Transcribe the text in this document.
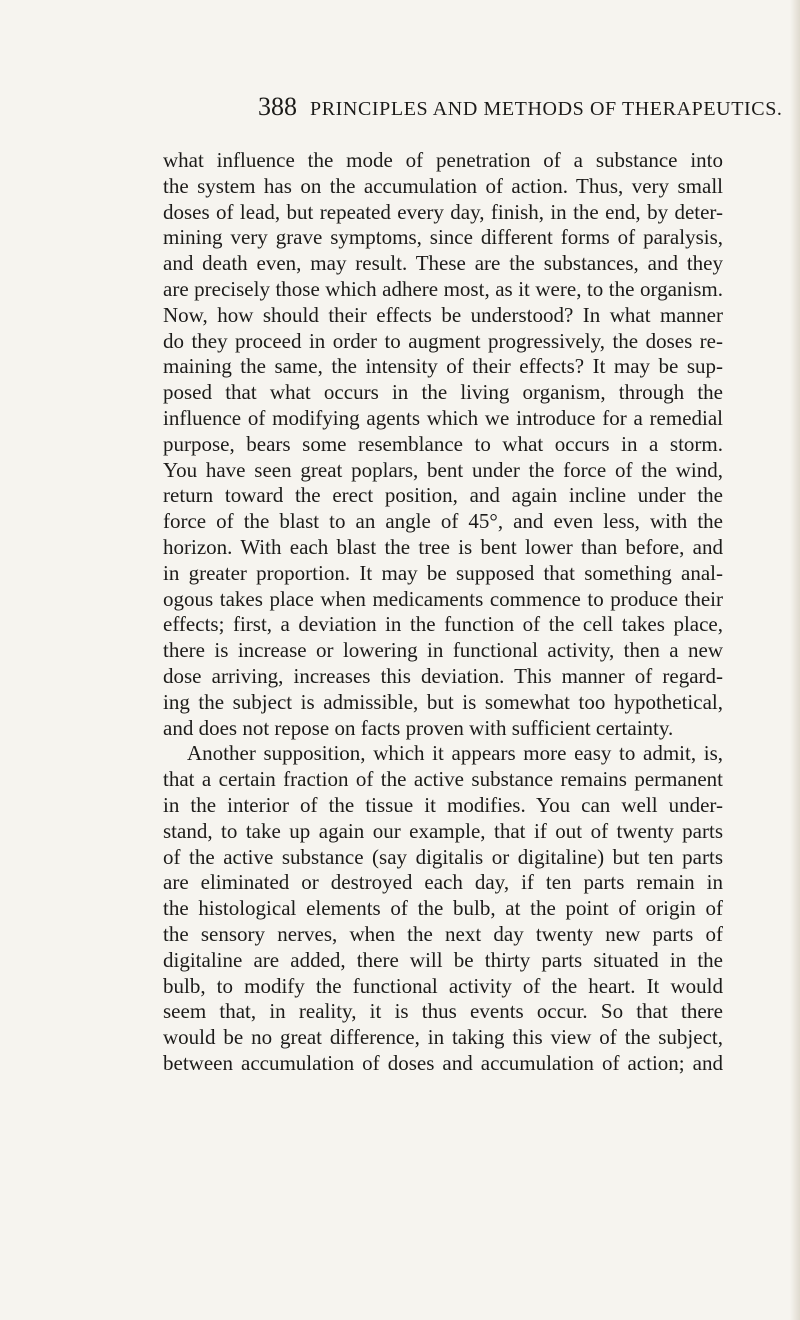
388 PRINCIPLES AND METHODS OF THERAPEUTICS.
what influence the mode of penetration of a substance into
the system has on the accumulation of action. Thus, very small
doses of lead, but repeated every day, finish, in the end, by deter-
mining very grave symptoms, since different forms of paralysis,
and death even, may result. These are the substances, and they
are precisely those which adhere most, as it were, to the organism.
Now, how should their effects be understood? In what manner
do they proceed in order to augment progressively, the doses re-
maining the same, the intensity of their effects? It may be sup-
posed that what occurs in the living organism, through the
influence of modifying agents which we introduce for a remedial
purpose, bears some resemblance to what occurs in a storm.
You have seen great poplars, bent under the force of the wind,
return toward the erect position, and again incline under the
force of the blast to an angle of 45°, and even less, with the
horizon. With each blast the tree is bent lower than before, and
in greater proportion. It may be supposed that something anal-
ogous takes place when medicaments commence to produce their
effects; first, a deviation in the function of the cell takes place,
there is increase or lowering in functional activity, then a new
dose arriving, increases this deviation. This manner of regard-
ing the subject is admissible, but is somewhat too hypothetical,
and does not repose on facts proven with sufficient certainty.
Another supposition, which it appears more easy to admit, is,
that a certain fraction of the active substance remains permanent
in the interior of the tissue it modifies. You can well under-
stand, to take up again our example, that if out of twenty parts
of the active substance (say digitalis or digitaline) but ten parts
are eliminated or destroyed each day, if ten parts remain in
the histological elements of the bulb, at the point of origin of
the sensory nerves, when the next day twenty new parts of
digitaline are added, there will be thirty parts situated in the
bulb, to modify the functional activity of the heart. It would
seem that, in reality, it is thus events occur. So that there
would be no great difference, in taking this view of the subject,
between accumulation of doses and accumulation of action; and
